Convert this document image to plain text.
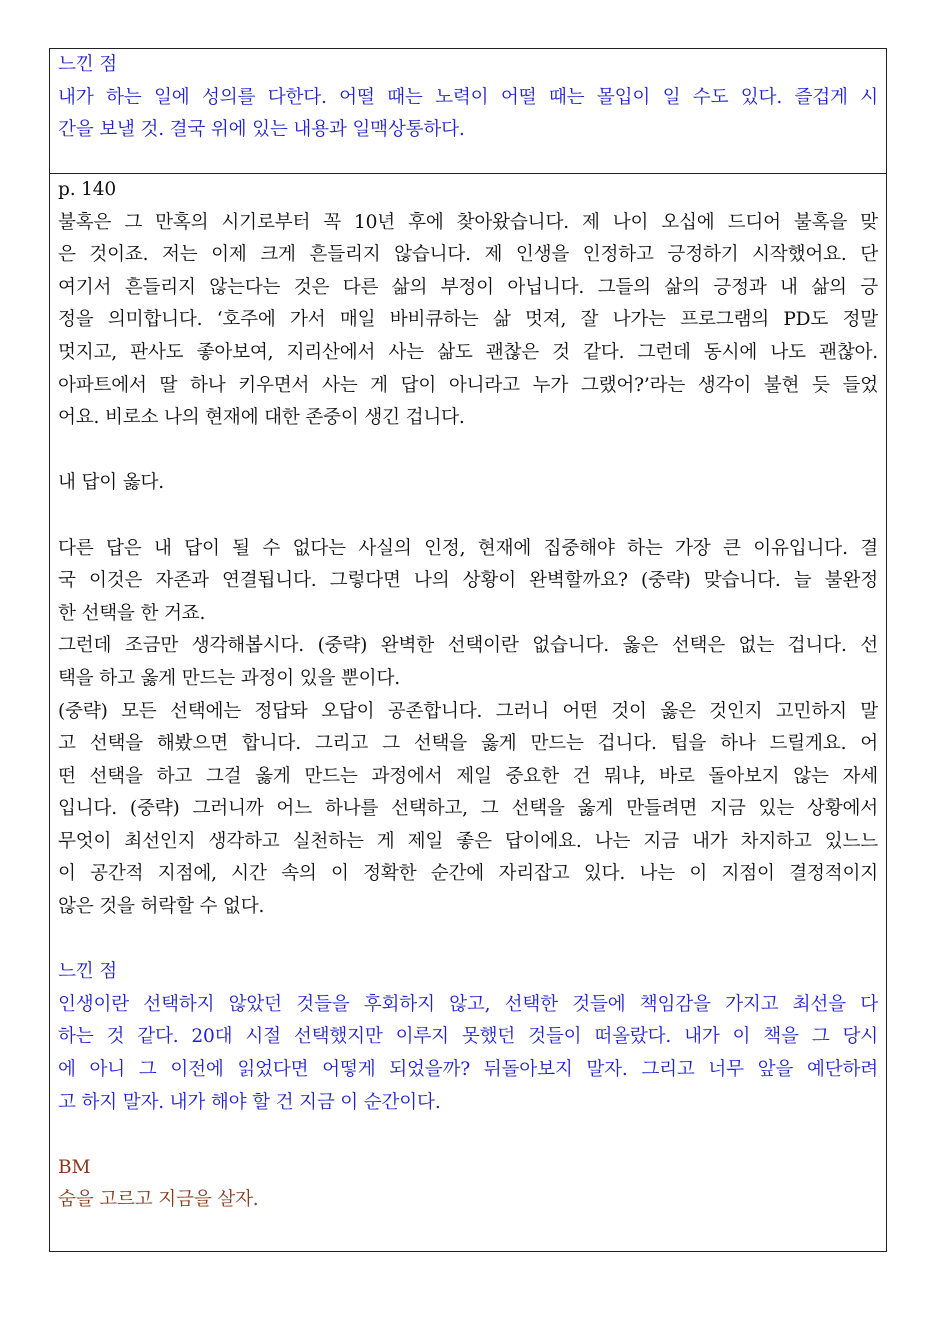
느낀 점
내가 하는 일에 성의를 다한다. 어떨 때는 노력이 어떨 때는 몰입이 일 수도 있다. 즐겁게 시
간을 보낼 것. 결국 위에 있는 내용과 일맥상통하다.
p. 140
불혹은 그 만혹의 시기로부터 꼭 10년 후에 찾아왔습니다. 제 나이 오십에 드디어 불혹을 맞
은 것이죠. 저는 이제 크게 흔들리지 않습니다. 제 인생을 인정하고 긍정하기 시작했어요. 단
여기서 흔들리지 않는다는 것은 다른 삶의 부정이 아닙니다. 그들의 삶의 긍정과 내 삶의 긍
정을 의미합니다. ‘호주에 가서 매일 바비큐하는 삶 멋져, 잘 나가는 프로그램의 PD도 정말
멋지고, 판사도 좋아보여, 지리산에서 사는 삶도 괜찮은 것 같다. 그런데 동시에 나도 괜찮아.
아파트에서 딸 하나 키우면서 사는 게 답이 아니라고 누가 그랬어?’라는 생각이 불현 듯 들었
어요. 비로소 나의 현재에 대한 존중이 생긴 겁니다.
내 답이 옳다.
다른 답은 내 답이 될 수 없다는 사실의 인정, 현재에 집중해야 하는 가장 큰 이유입니다. 결
국 이것은 자존과 연결됩니다. 그렇다면 나의 상황이 완벽할까요? (중략) 맞습니다. 늘 불완정
한 선택을 한 거죠.
그런데 조금만 생각해봅시다. (중략) 완벽한 선택이란 없습니다. 옳은 선택은 없는 겁니다. 선
택을 하고 옳게 만드는 과정이 있을 뿐이다.
(중략) 모든 선택에는 정답돠 오답이 공존합니다. 그러니 어떤 것이 옳은 것인지 고민하지 말
고 선택을 해봤으면 합니다. 그리고 그 선택을 옳게 만드는 겁니다. 팁을 하나 드릴게요. 어
떤 선택을 하고 그걸 옳게 만드는 과정에서 제일 중요한 건 뭐냐, 바로 돌아보지 않는 자세
입니다. (중략) 그러니까 어느 하나를 선택하고, 그 선택을 옳게 만들려면 지금 있는 상황에서
무엇이 최선인지 생각하고 실천하는 게 제일 좋은 답이에요. 나는 지금 내가 차지하고 있느느
이 공간적 지점에, 시간 속의 이 정확한 순간에 자리잡고 있다. 나는 이 지점이 결정적이지
않은 것을 허락할 수 없다.
느낀 점
인생이란 선택하지 않았던 것들을 후회하지 않고, 선택한 것들에 책임감을 가지고 최선을 다
하는 것 같다. 20대 시절 선택했지만 이루지 못했던 것들이 떠올랐다. 내가 이 책을 그 당시
에 아니 그 이전에 읽었다면 어떻게 되었을까? 뒤돌아보지 말자. 그리고 너무 앞을 예단하려
고 하지 말자. 내가 해야 할 건 지금 이 순간이다.
BM
숨을 고르고 지금을 살자.
